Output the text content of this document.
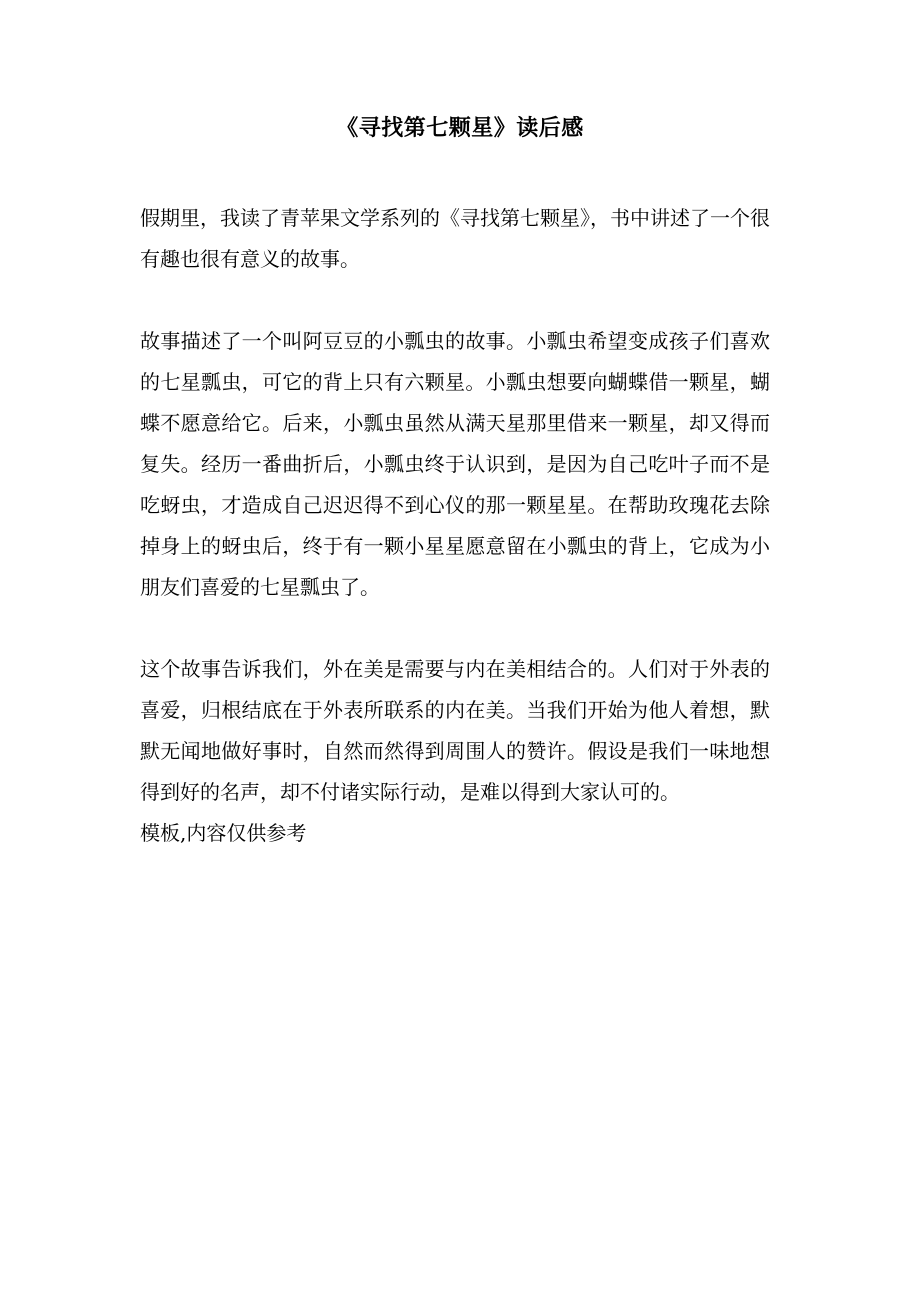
《寻找第七颗星》读后感

假期里，我读了青苹果文学系列的《寻找第七颗星》，书中讲述了一个很有趣也很有意义的故事。

故事描述了一个叫阿豆豆的小瓢虫的故事。小瓢虫希望变成孩子们喜欢的七星瓢虫，可它的背上只有六颗星。小瓢虫想要向蝴蝶借一颗星，蝴蝶不愿意给它。后来，小瓢虫虽然从满天星那里借来一颗星，却又得而复失。经历一番曲折后，小瓢虫终于认识到，是因为自己吃叶子而不是吃蚜虫，才造成自己迟迟得不到心仪的那一颗星星。在帮助玫瑰花去除掉身上的蚜虫后，终于有一颗小星星愿意留在小瓢虫的背上，它成为小朋友们喜爱的七星瓢虫了。

这个故事告诉我们，外在美是需要与内在美相结合的。人们对于外表的喜爱，归根结底在于外表所联系的内在美。当我们开始为他人着想，默默无闻地做好事时，自然而然得到周围人的赞许。假设是我们一味地想得到好的名声，却不付诸实际行动，是难以得到大家认可的。

模板,内容仅供参考
